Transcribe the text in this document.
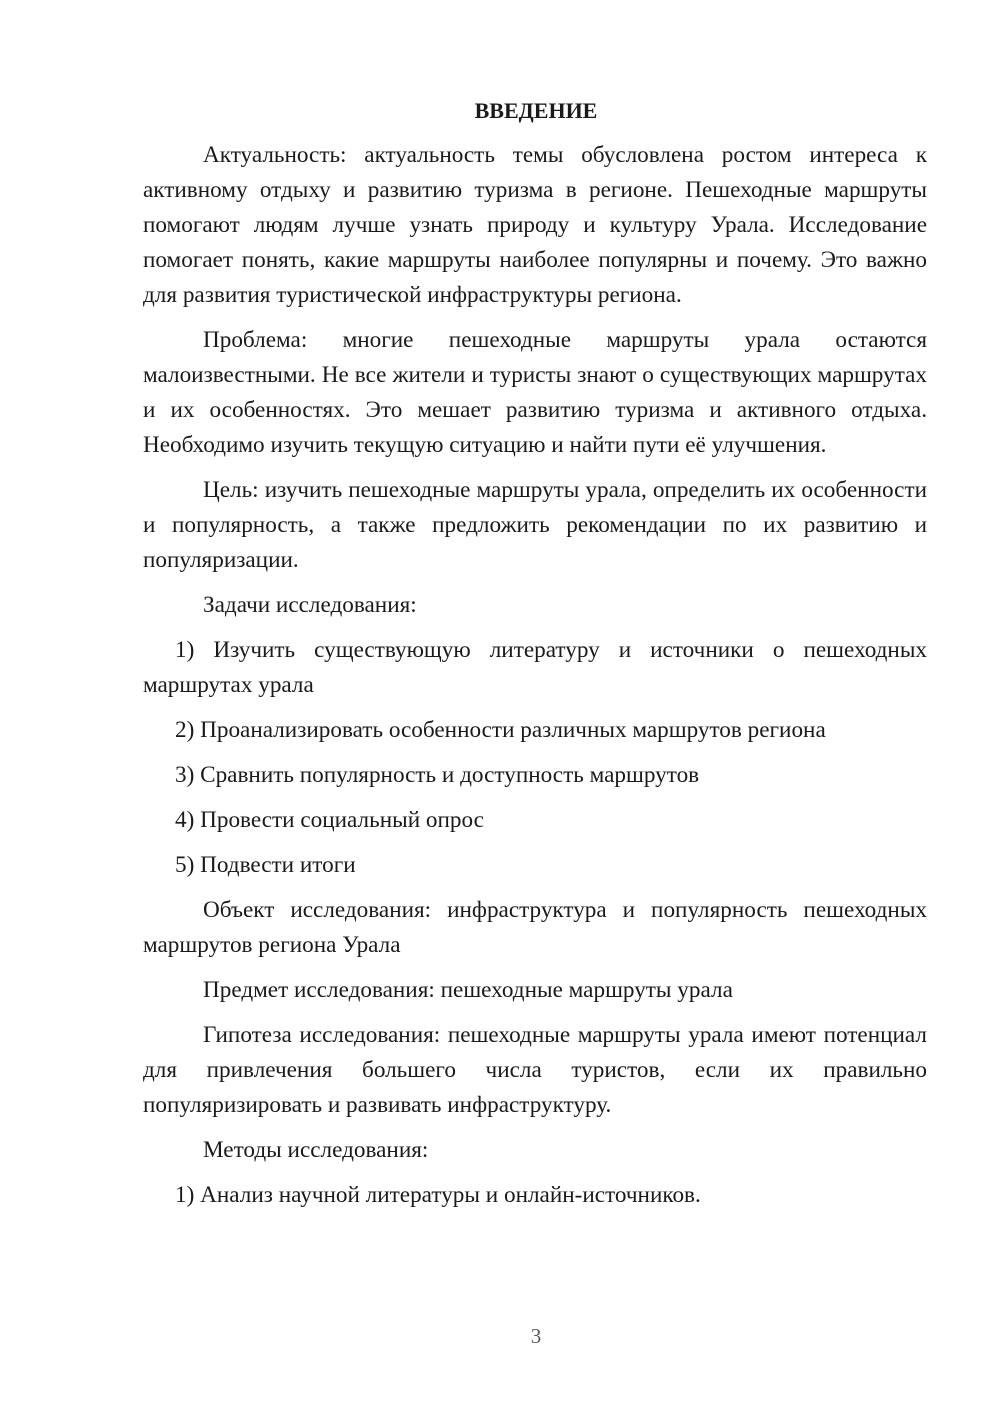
ВВЕДЕНИЕ
Актуальность: актуальность темы обусловлена ростом интереса к активному отдыху и развитию туризма в регионе. Пешеходные маршруты помогают людям лучше узнать природу и культуру Урала. Исследование помогает понять, какие маршруты наиболее популярны и почему. Это важно для развития туристической инфраструктуры региона.
Проблема: многие пешеходные маршруты урала остаются малоизвестными. Не все жители и туристы знают о существующих маршрутах и их особенностях. Это мешает развитию туризма и активного отдыха. Необходимо изучить текущую ситуацию и найти пути её улучшения.
Цель: изучить пешеходные маршруты урала, определить их особенности и популярность, а также предложить рекомендации по их развитию и популяризации.
Задачи исследования:
1) Изучить существующую литературу и источники о пешеходных маршрутах урала
2) Проанализировать особенности различных маршрутов региона
3) Сравнить популярность и доступность маршрутов
4) Провести социальный опрос
5) Подвести итоги
Объект исследования: инфраструктура и популярность пешеходных маршрутов региона Урала
Предмет исследования: пешеходные маршруты урала
Гипотеза исследования: пешеходные маршруты урала имеют потенциал для привлечения большего числа туристов, если их правильно популяризировать и развивать инфраструктуру.
Методы исследования:
1) Анализ научной литературы и онлайн-источников.
3
